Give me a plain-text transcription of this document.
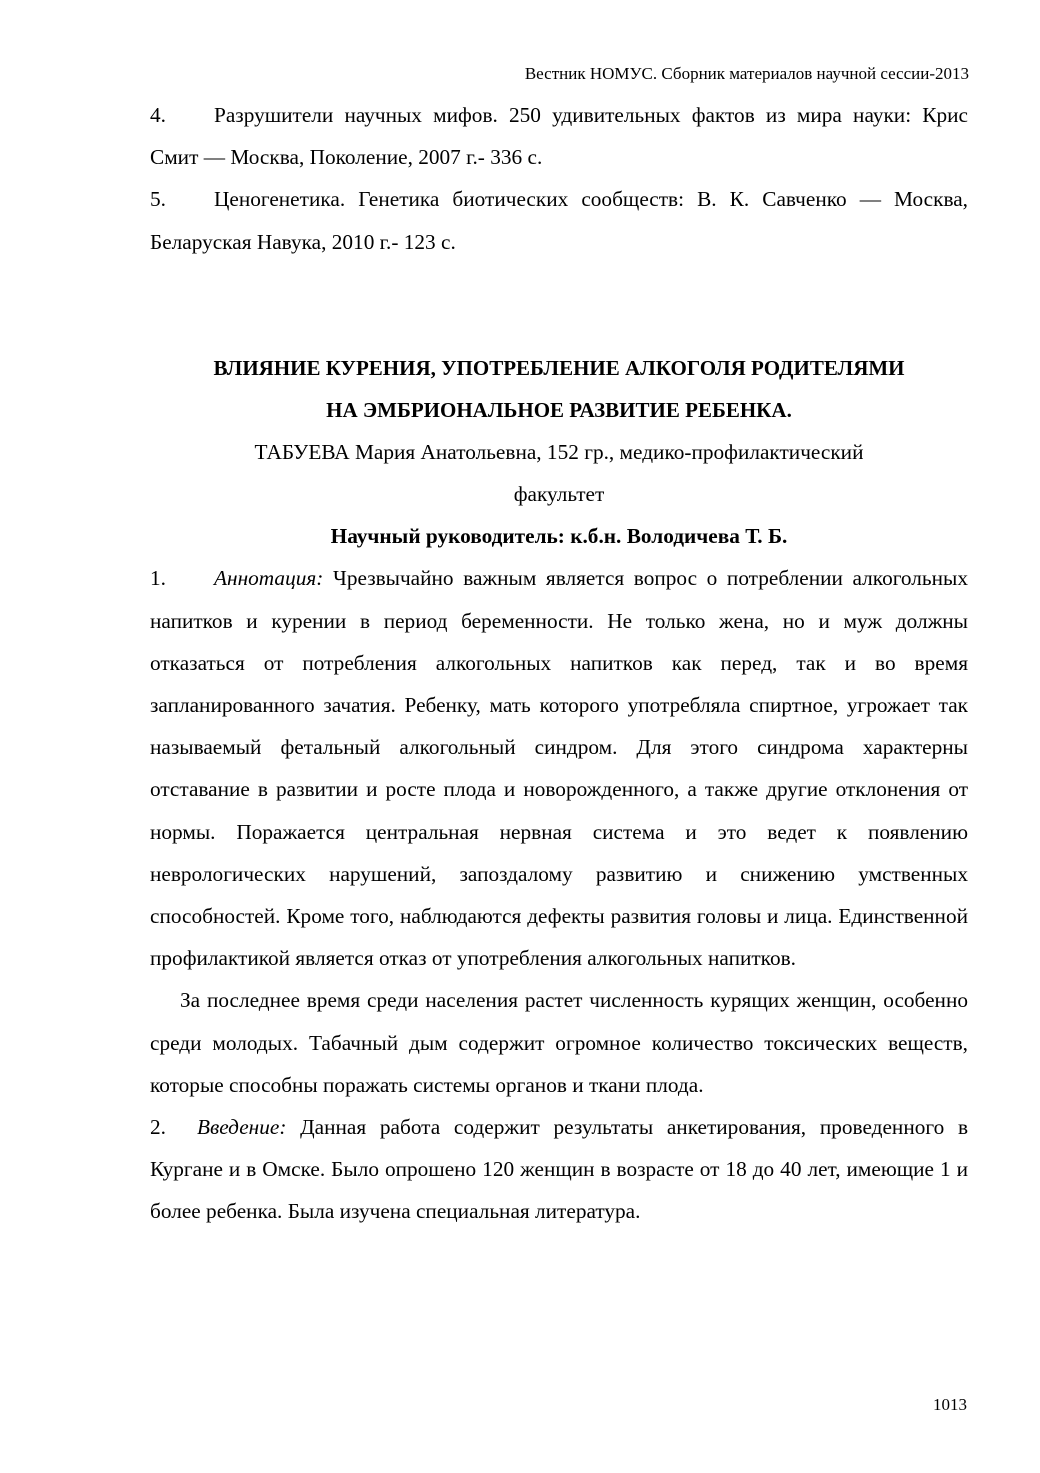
Вестник НОМУС. Сборник материалов научной сессии-2013

4. Разрушители научных мифов. 250 удивительных фактов из мира науки: Крис Смит — Москва, Поколение, 2007 г.- 336 с.

5. Ценогенетика. Генетика биотических сообществ: В. К. Савченко — Москва, Беларуская Навука, 2010 г.- 123 с.

ВЛИЯНИЕ КУРЕНИЯ, УПОТРЕБЛЕНИЕ АЛКОГОЛЯ РОДИТЕЛЯМИ

НА ЭМБРИОНАЛЬНОЕ РАЗВИТИЕ РЕБЕНКА.

ТАБУЕВА Мария Анатольевна, 152 гр., медико-профилактический

факультет

Научный руководитель: к.б.н. Володичева Т. Б.

1. Аннотация: Чрезвычайно важным является вопрос о потреблении алкогольных напитков и курении в период беременности. Не только жена, но и муж должны отказаться от потребления алкогольных напитков как перед, так и во время запланированного зачатия. Ребенку, мать которого употребляла спиртное, угрожает так называемый фетальный алкогольный синдром. Для этого синдрома характерны отставание в развитии и росте плода и новорожденного, а также другие отклонения от нормы. Поражается центральная нервная система и это ведет к появлению неврологических нарушений, запоздалому развитию и снижению умственных способностей. Кроме того, наблюдаются дефекты развития головы и лица. Единственной профилактикой является отказ от употребления алкогольных напитков.

За последнее время среди населения растет численность курящих женщин, особенно среди молодых. Табачный дым содержит огромное количество токсических веществ, которые способны поражать системы органов и ткани плода.

2. Введение: Данная работа содержит результаты анкетирования, проведенного в Кургане и в Омске. Было опрошено 120 женщин в возрасте от 18 до 40 лет, имеющие 1 и более ребенка. Была изучена специальная литература.

1013
